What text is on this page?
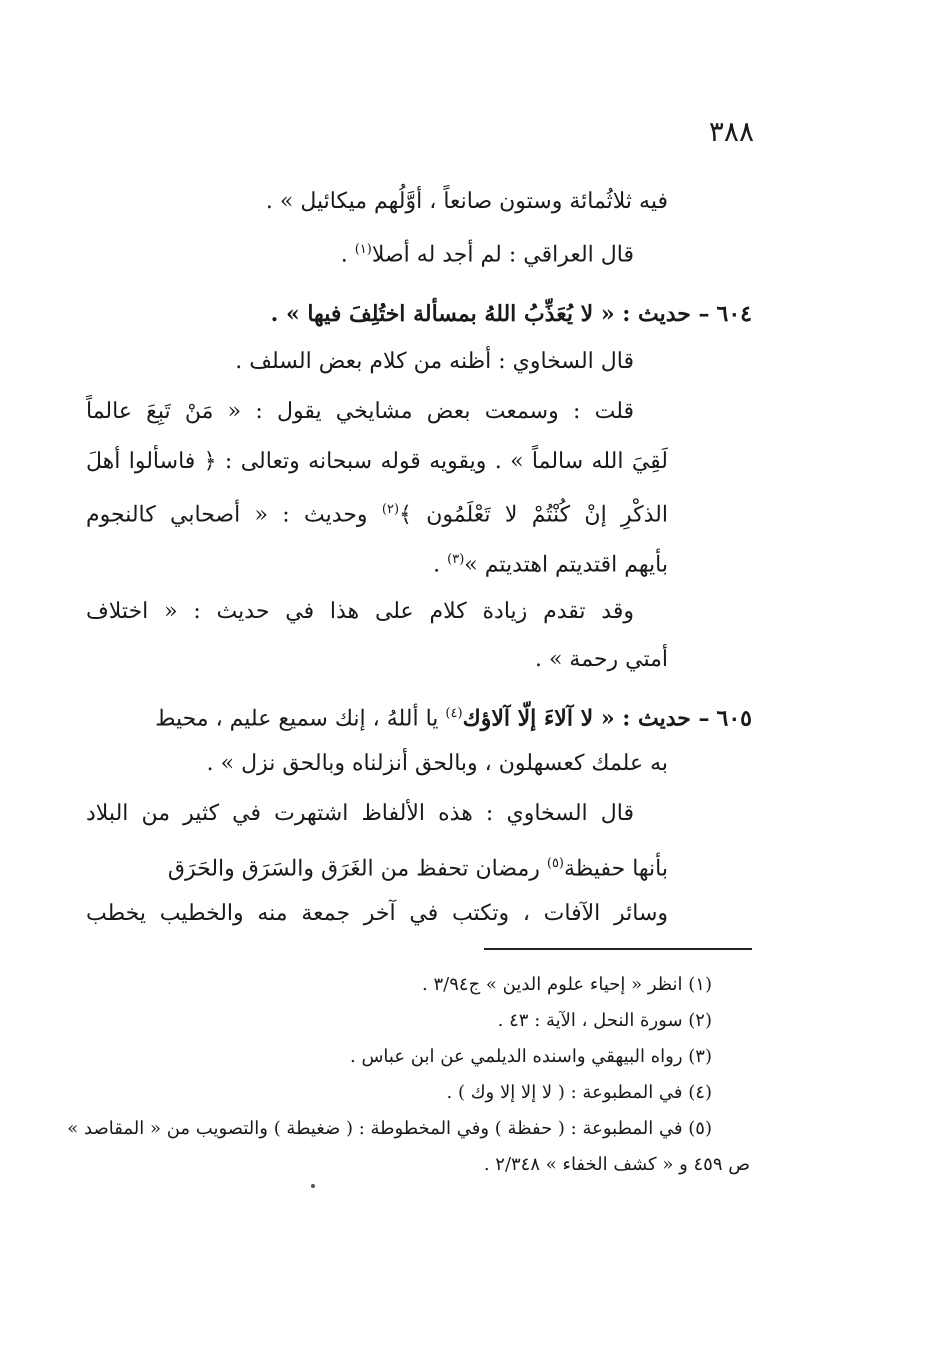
٣٨٨
فيه ثلاثُمائة وستون صانعاً ، أوَّلُهم ميكائيل » .
قال العراقي : لم أجد له أصلا$^{(١)}$ .
٦٠٤ – حديث : « لا يُعَذِّبُ اللهُ بمسألة اختُلِفَ فيها » .
قال السخاوي : أظنه من كلام بعض السلف .
قلت : وسمعت بعض مشايخي يقول : « مَنْ تَبِعَ عالماً
لَقِيَ الله سالماً » . ويقويه قوله سبحانه وتعالى : ﴿ فاسألوا أهلَ
الذكْرِ إنْ كُنْتُمْ لا تَعْلَمُون ﴾$^{(٢)}$ وحديث : « أصحابي كالنجوم
بأيهم اقتديتم اهتديتم »$^{(٣)}$ .
وقد تقدم زيادة كلام على هذا في حديث : « اختلاف
أمتي رحمة » .
٦٠٥ – حديث : « لا آلاءَ إلّا آلاؤك$^{(٤)}$ يا أللهُ ، إنك سميع عليم ، محيط
به علمك كعسهلون ، وبالحق أنزلناه وبالحق نزل » .
قال السخاوي : هذه الألفاظ اشتهرت في كثير من البلاد
بأنها حفيظة$^{(٥)}$ رمضان تحفظ من الغَرَق والسَرَق والحَرَق
وسائر الآفات ، وتكتب في آخر جمعة منه والخطيب يخطب
(١) انظر « إحياء علوم الدين » ج٣/٩٤ .
(٢) سورة النحل ، الآية : ٤٣ .
(٣) رواه البيهقي واسنده الديلمي عن ابن عباس .
(٤) في المطبوعة : ( لا إلا إلا وك ) .
(٥) في المطبوعة : ( حفظة ) وفي المخطوطة : ( ضغيطة ) والتصويب من « المقاصد »
ص ٤٥٩ و « كشف الخفاء » ٢/٣٤٨ .
